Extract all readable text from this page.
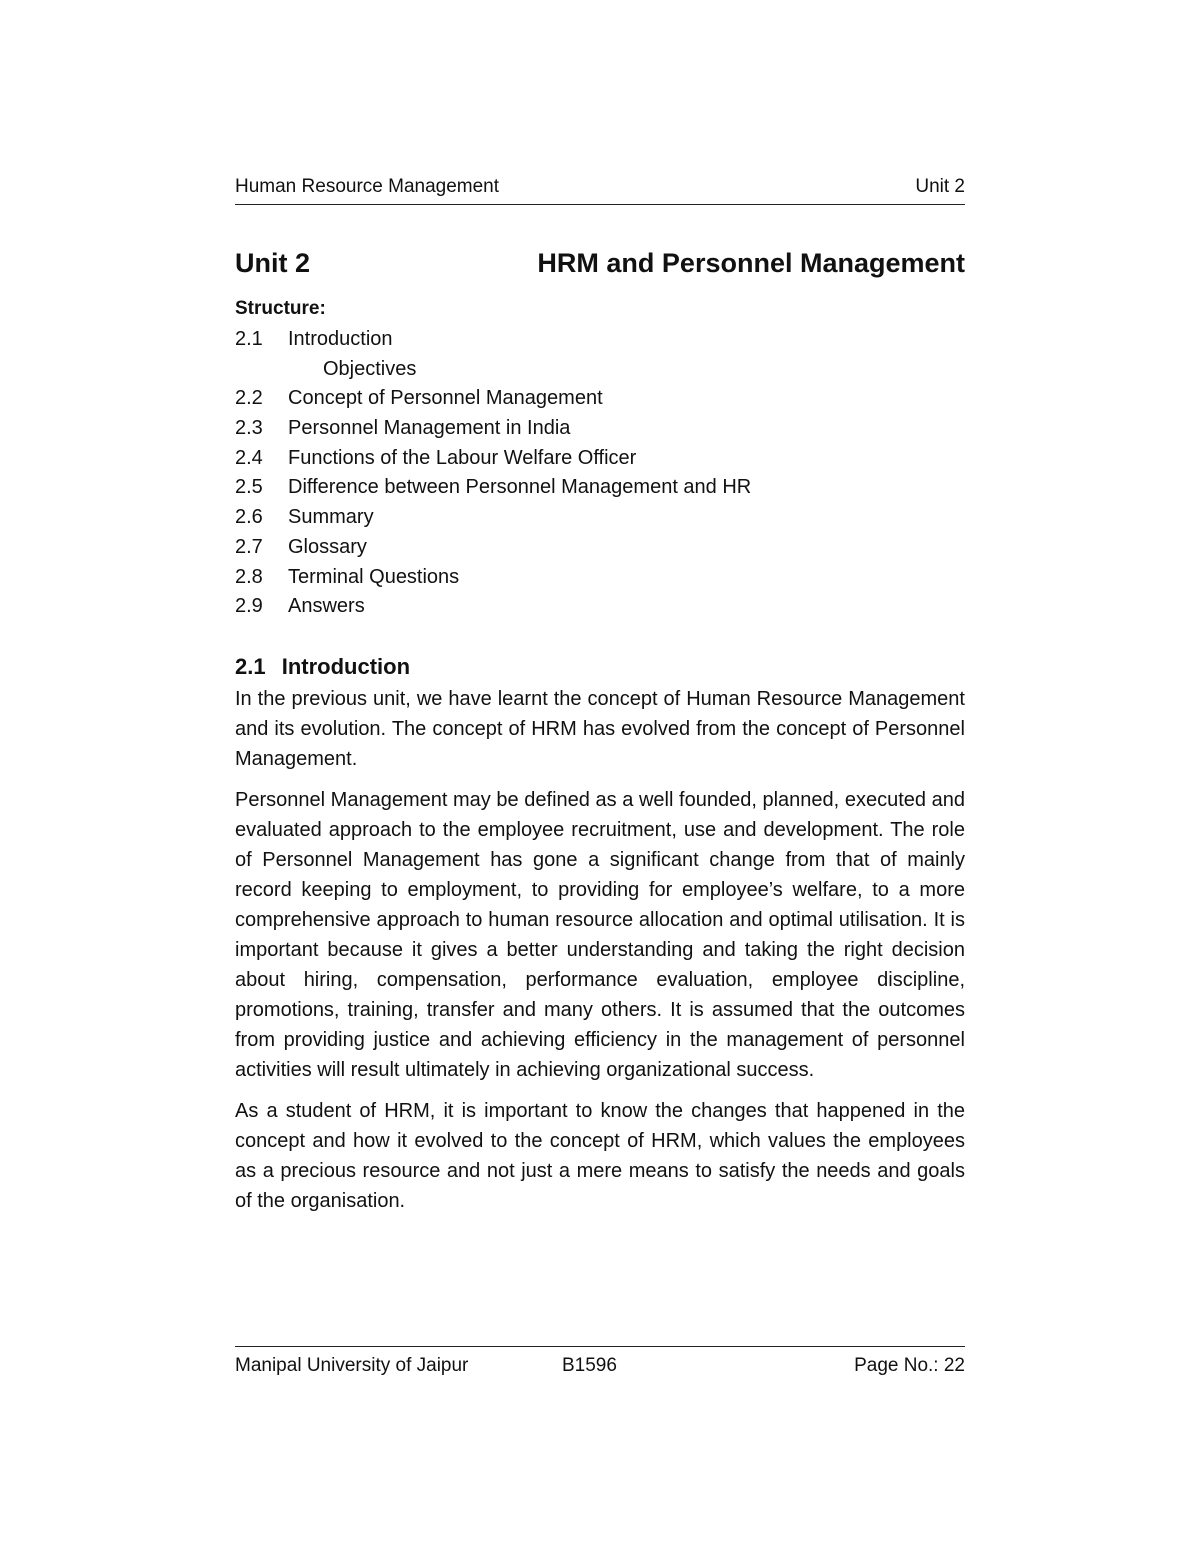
Human Resource Management	Unit 2
Unit 2	HRM and Personnel Management
Structure:
2.1	Introduction
Objectives
2.2	Concept of Personnel Management
2.3	Personnel Management in India
2.4	Functions of the Labour Welfare Officer
2.5	Difference between Personnel Management and HR
2.6	Summary
2.7	Glossary
2.8	Terminal Questions
2.9	Answers
2.1 Introduction

In the previous unit, we have learnt the concept of Human Resource Management and its evolution. The concept of HRM has evolved from the concept of Personnel Management.

Personnel Management may be defined as a well founded, planned, executed and evaluated approach to the employee recruitment, use and development. The role of Personnel Management has gone a significant change from that of mainly record keeping to employment, to providing for employee’s welfare, to a more comprehensive approach to human resource allocation and optimal utilisation. It is important because it gives a better understanding and taking the right decision about hiring, compensation, performance evaluation, employee discipline, promotions, training, transfer and many others. It is assumed that the outcomes from providing justice and achieving efficiency in the management of personnel activities will result ultimately in achieving organizational success.

As a student of HRM, it is important to know the changes that happened in the concept and how it evolved to the concept of HRM, which values the employees as a precious resource and not just a mere means to satisfy the needs and goals of the organisation.

Manipal University of Jaipur	B1596	Page No.: 22
